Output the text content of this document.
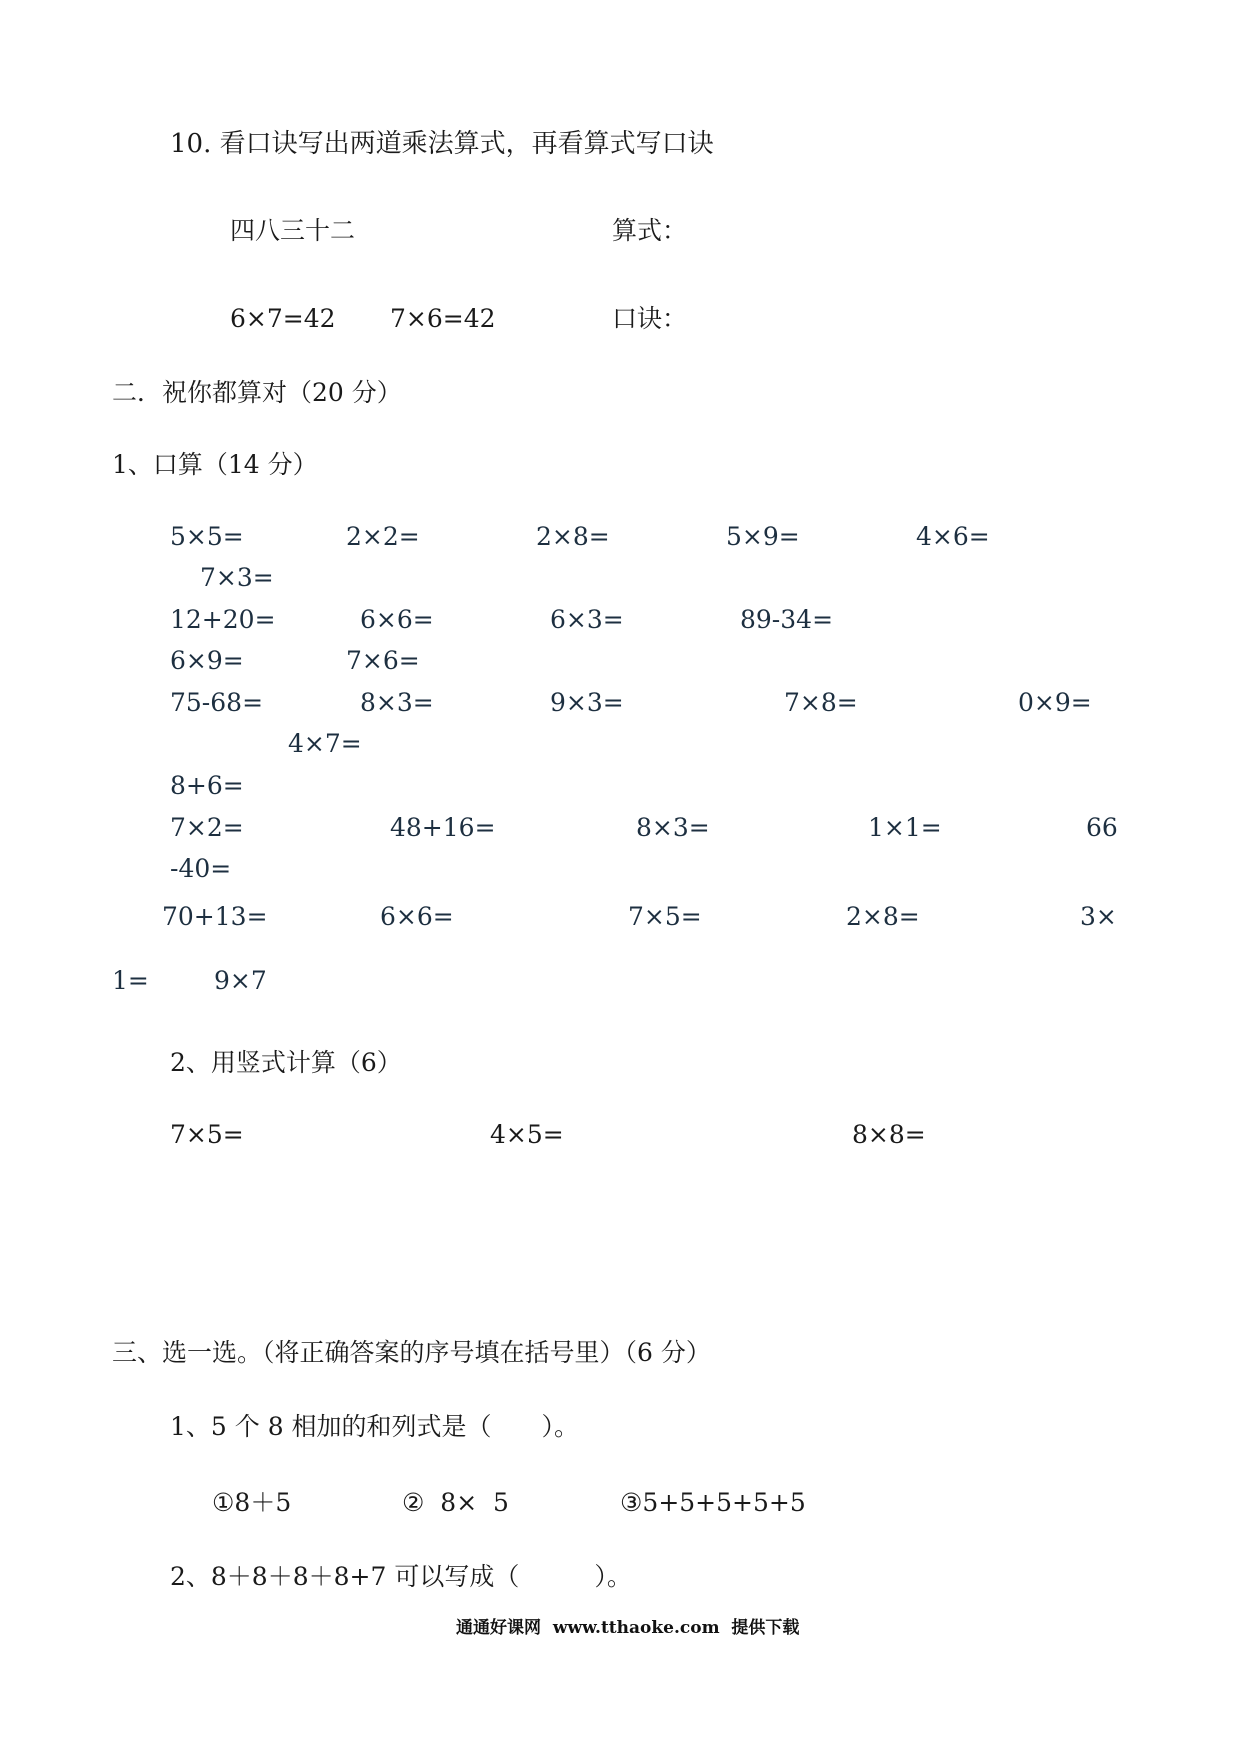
10. 看口诀写出两道乘法算式，再看算式写口诀
四八三十二	算式：
6×7=42 7×6=42	口诀：
二．祝你都算对（20 分）
1、口算（14 分）
5×5=	2×2=	2×8=	5×9=	4×6=
7×3=
12+20=	6×6=	6×3=	89-34=
6×9=	7×6=
75-68=	8×3=	9×3=	7×8=	0×9=
4×7=
8+6=
7×2=	48+16=	8×3=	1×1=	66
-40=
70+13=	6×6=	7×5=	2×8=	3×
1=	9×7
2、用竖式计算（6）
7×5=	4×5=	8×8=
三、选一选。（将正确答案的序号填在括号里）（6 分）
1、5 个 8 相加的和列式是（　　）。
①8＋5	②  8×  5	③5+5+5+5+5
2、8＋8＋8＋8+7 可以写成（　　　）。
通通好课网  www.tthaoke.com  提供下载
